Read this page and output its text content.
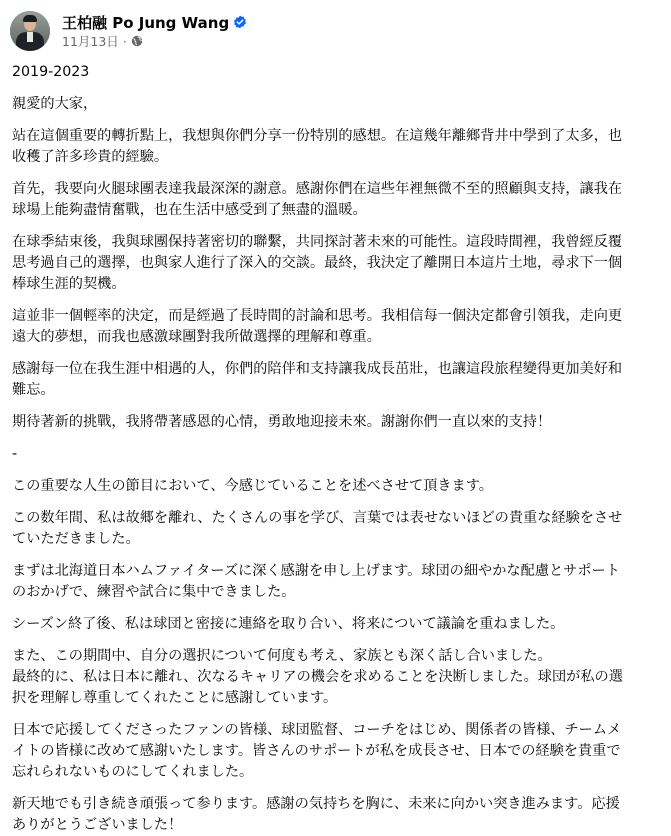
王柏融 Po Jung Wang
11月13日 ·

2019-2023

親愛的大家，

站在這個重要的轉折點上，我想與你們分享一份特別的感想。在這幾年離鄉背井中學到了太多，也
收穫了許多珍貴的經驗。

首先，我要向火腿球團表達我最深深的謝意。感謝你們在這些年裡無微不至的照顧與支持，讓我在
球場上能夠盡情奮戰，也在生活中感受到了無盡的溫暖。

在球季結束後，我與球團保持著密切的聯繫，共同探討著未來的可能性。這段時間裡，我曾經反覆
思考過自己的選擇，也與家人進行了深入的交談。最終，我決定了離開日本這片土地，尋求下一個
棒球生涯的契機。

這並非一個輕率的決定，而是經過了長時間的討論和思考。我相信每一個決定都會引領我，走向更
遠大的夢想，而我也感激球團對我所做選擇的理解和尊重。

感謝每一位在我生涯中相遇的人，你們的陪伴和支持讓我成長茁壯，也讓這段旅程變得更加美好和
難忘。

期待著新的挑戰，我將帶著感恩的心情，勇敢地迎接未來。謝謝你們一直以來的支持！

-

この重要な人生の節目において、今感じていることを述べさせて頂きます。

この数年間、私は故郷を離れ、たくさんの事を学び、言葉では表せないほどの貴重な経験をさせ
ていただきました。

まずは北海道日本ハムファイターズに深く感謝を申し上げます。球団の細やかな配慮とサポート
のおかげで、練習や試合に集中できました。

シーズン終了後、私は球団と密接に連絡を取り合い、将来について議論を重ねました。

また、この期間中、自分の選択について何度も考え、家族とも深く話し合いました。
最終的に、私は日本に離れ、次なるキャリアの機会を求めることを決断しました。球団が私の選
択を理解し尊重してくれたことに感謝しています。

日本で応援してくださったファンの皆様、球団監督、コーチをはじめ、関係者の皆様、チームメ
イトの皆様に改めて感謝いたします。皆さんのサポートが私を成長させ、日本での経験を貴重で
忘れられないものにしてくれました。

新天地でも引き続き頑張って参ります。感謝の気持ちを胸に、未来に向かい突き進みます。応援
ありがとうございました！
